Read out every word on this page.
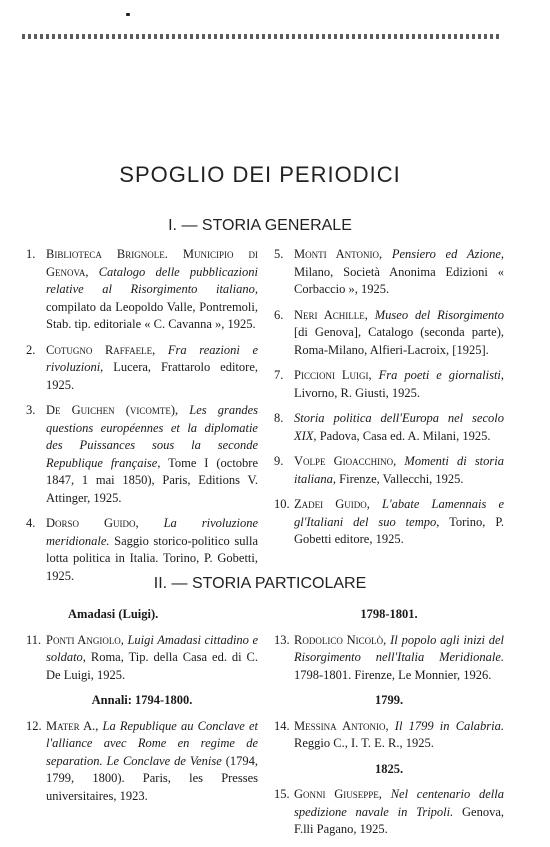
SPOGLIO DEI PERIODICI
I. — STORIA GENERALE
1. Biblioteca Brignole. Municipio di Genova, Catalogo delle pubblicazioni relative al Risorgimento italiano, compilato da Leopoldo Valle, Pontremoli, Stab. tip. editoriale « C. Cavanna », 1925.
2. Cotugno Raffaele, Fra reazioni e rivoluzioni, Lucera, Frattarolo editore, 1925.
3. De Guichen (vicomte), Les grandes questions européennes et la diplomatie des Puissances sous la seconde Republique française, Tome I (octobre 1847, 1 mai 1850), Paris, Editions V. Attinger, 1925.
4. Dorso Guido, La rivoluzione meridionale. Saggio storico-politico sulla lotta politica in Italia. Torino, P. Gobetti, 1925.
5. Monti Antonio, Pensiero ed Azione, Milano, Società Anonima Edizioni « Corbaccio », 1925.
6. Neri Achille, Museo del Risorgimento [di Genova], Catalogo (seconda parte), Roma-Milano, Alfieri-Lacroix, [1925].
7. Piccioni Luigi, Fra poeti e giornalisti, Livorno, R. Giusti, 1925.
8. Storia politica dell'Europa nel secolo XIX, Padova, Casa ed. A. Milani, 1925.
9. Volpe Gioacchino, Momenti di storia italiana, Firenze, Vallecchi, 1925.
10. Zadei Guido, L'abate Lamennais e gl'Italiani del suo tempo, Torino, P. Gobetti editore, 1925.
II. — STORIA PARTICOLARE
Amadasi (Luigi).
11. Ponti Angiolo, Luigi Amadasi cittadino e soldato, Roma, Tip. della Casa ed. di C. De Luigi, 1925.
Annali: 1794-1800.
12. Mater A., La Republique au Conclave et l'alliance avec Rome en regime de separation. Le Conclave de Venise (1794, 1799, 1800). Paris, les Presses universitaires, 1923.
1798-1801.
13. Rodolico Nicolò, Il popolo agli inizi del Risorgimento nell'Italia Meridionale. 1798-1801. Firenze, Le Monnier, 1926.
1799.
14. Messina Antonio, Il 1799 in Calabria. Reggio C., I. T. E. R., 1925.
1825.
15. Gonni Giuseppe, Nel centenario della spedizione navale in Tripoli. Genova, F.lli Pagano, 1925.
